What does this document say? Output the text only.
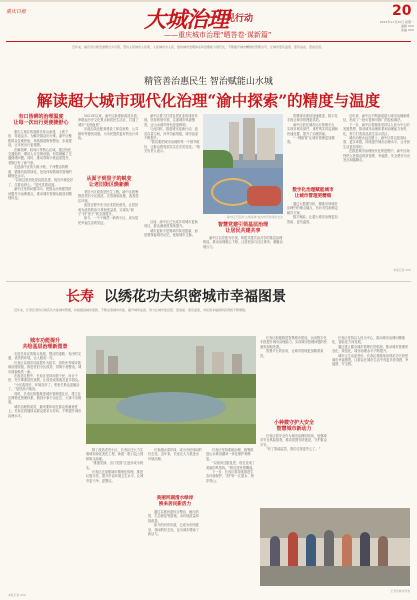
重庆日报	大城治理
见行动
——重庆城市治理“晒答卷·谋新篇”
20
2021年11月15日 星期一
编辑 XXX
美编 XXX
近年来，重庆市以新发展理念为引领，坚持人民城市人民建，人民城市为人民，推动城市治理体系和治理能力现代化，不断提升城市精细化管理水平，让城市更有温度、更有品质、更加宜居。
精管善治惠民生 智治赋能山水城
解读超大城市现代化治理“渝中探索”的精度与温度
有口皆碑的治理温度
让每一次出行更便捷舒心

重庆主城区的道路多依山而建，上坡下坎、弯道众多。为解决群众出行难，渝中区聚焦群众急难愁盼，持续推进街巷整治、步道建设，让市民出行更便捷。

在解放碑、较场口等核心区域，通过优化交通组织、增设人行过街设施，有效缓解了交通拥堵问题。同时，推动背街小巷品质提升，老街区有了新气象。

走进渝中区的大街小巷，干净整洁的路面、错落有致的绿化，处处体现着城市管理的精细化水平。

“以前这里到处是乱搭乱建，现在环境变好了，住着也舒心。”居民笑着说道。

渝中区坚持问题导向，把群众反映强烈的问题作为治理重点，推动城市管理从粗放到精细转变。

2021年以来，渝中区新建和改造步道，串联起历史文化景点和居民生活区，打通了城市“毛细血管”。

步道沿线还配套建设了休息座椅、公共厕所等便民设施，为市民提供更好的出行体验。

从面子到里子的蜕变
让老旧街区焕新颜

老旧小区改造是民生工程。渝中区统筹推进老旧小区改造，完善基础设施，改善居住环境。

改造过程中充分征求居民意见，让居民成为改造的参与者和受益者，实现从“面子”到“里子”的全面提升。

如今，一个个焕然一新的小区，成为居民幸福生活的见证。

渝中区着力打造宜居宜业的城市环境，坚持规划引领，注重城市风貌塑造，让山水城市特色更加鲜明。

与此同时，推进城市更新行动，盘活存量空间，补齐功能短板，城市品质不断提升。

“我们要把城市治理的每一个细节做好，让群众感受到实实在在的变化。”相关负责人表示。

渝中区打造的“山城步道”成为市民休闲好去处

目前，渝中区已完成多项城市更新项目，群众满意度持续提升。

城市更新不是简单的拆旧建新，而是要保留城市记忆，延续城市文脉。

智慧党建引领基层治理
让居民共建共享

渝中区以党建为引领，构建共建共治共享的基层治理格局，推动治理重心下移，让居民参与社区事务，凝聚治理合力。

智慧城市建设加速推进，数字化手段让城市管理更高效。

渝中区依托城市运行管理平台，实现对城市部件、事件的实时监测和快速处置，提升了治理效能。

“一网统管”让城市管理更加精准。

数字化治理赋能城市
让城市管理更精细

通过大数据分析，精准识别城市治理中的难点痛点，有针对性地制定解决方案。

数字赋能，让超大城市治理更加智能、更有温度。

近年来，渝中区不断探索超大城市治理新路径，形成了一批可复制可推广的经验做法。

下一步，渝中区将继续坚持以人民为中心的发展思想，推动城市治理体系和治理能力现代化，努力打造高品质生活示范区。

城市治理永远在路上。渝中区将以更高标准、更实举措，持续提升城市治理水平，让市民生活更加美好。

在推进城市治理现代化的进程中，渝中区始终把人民群众的获得感、幸福感、安全感作为出发点和落脚点。

本报记者 XXX
长寿 以绣花功夫织密城市幸福图景
近年来，长寿区坚持以绣花功夫抓城市管理，持续推进城市更新，不断完善城市功能，提升城市品质，努力让城市更宜居、更美丽、更有温度，市民的幸福感和获得感不断增强。
城市功能提升
共绘基层治理新图景

走进长寿区的街头巷尾，整洁的道路、有序的交通、优美的环境，让人眼前一亮。

长寿区以城市功能提升为抓手，加快补齐城市基础设施短板，推进老旧小区改造、背街小巷整治，城市面貌焕然一新。

在改造过程中，长寿区坚持问需于民、问计于民，充分尊重居民意愿，让改造成果惠及更多群众。

“小区改造后，环境变好了，邻里关系也更融洽了。”居民高兴地说。

同时，长寿区积极推进城市管理进社区，建立社区网格化管理体系，做到小事不出社区、大事不出街道。

城市治理的成效，最终要体现在群众的满意度上。长寿区将继续以群众需求为导向，不断提升城市治理水平。

除了改造老旧小区，长寿区还大力实施城市绿化美化工程，新建一批口袋公园和街头绿地。

“推窗见绿、出门见园”正逐步成为现实。

长寿区还加强城市精细化管理，推进垃圾分类，提升市容环境卫生水平，让城市更干净、更整洁。

美丽河湖清水绿岸
换来居民新活力

长寿湖水清岸绿，成为市民休闲的好去处。近年来，长寿区大力推进水环境治理。

通过实施河道综合整治、截污纳管、生态修复等措施，水环境质量持续改善。

如今的河岸步道，已成为市民健身、休闲的好去处，也为城市增添了新活力。

长寿区坚持系统治理，统筹推进山水林田湖草一体化保护和修复。

“以前河边脏乱差，现在变成了美丽的风景线。”附近居民感慨道。

下一步，长寿区将持续推进生态环境保护，守护好一江碧水、两岸青山。

长寿区积极推进智慧城市建设，运用数字化手段提升城市治理能力，实现城市管理问题的快速发现和处置。

智慧平台的应用，让城市管理更加精准高效。

小种微守护大安全
智慧城市新动力

长寿区将安全作为城市治理的底线，加强城市安全风险排查，推动智慧安防建设，守护群众平安。

“有了智能监控，我们住得更安心了。”

长寿区坚持以人民为中心，推动城市治理向精细化、智能化方向发展。

通过建立健全城市管理长效机制，推动城市管理常态化、规范化，城市治理水平不断提升。

城市让生活更美好。长寿区将继续用绣花功夫织密城市幸福图景，让群众在城市生活中有更多获得感、幸福感、安全感。

长寿区城市风貌
本报记者 XXX
